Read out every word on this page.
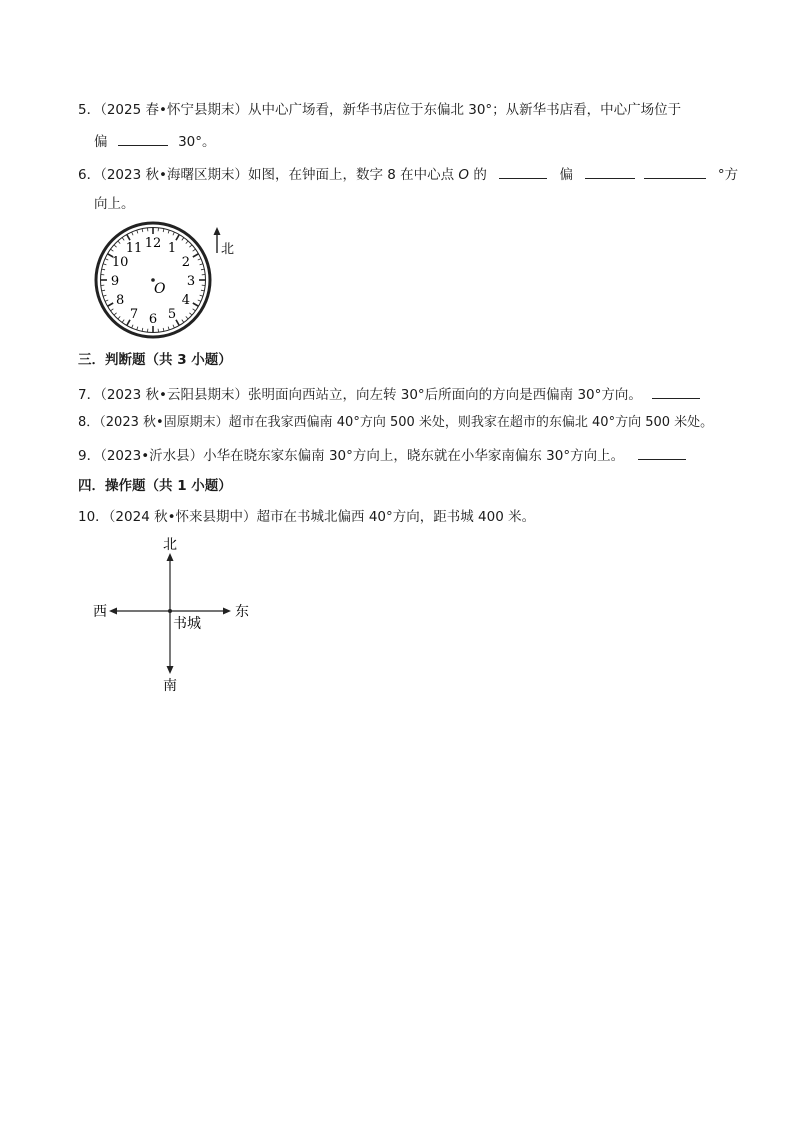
5．（2025 春•怀宁县期末）从中心广场看，新华书店位于东偏北 30°；从新华书店看，中心广场位于
偏	30°。
6．（2023 秋•海曙区期末）如图，在钟面上，数字 8 在中心点 O 的	偏	°方
向上。
12 1
2
3
4
5
6
7
8
9
10
11
O
北
三．判断题（共 3 小题）
7．（2023 秋•云阳县期末）张明面向西站立，向左转 30°后所面向的方向是西偏南 30°方向。
8．（2023 秋•固原期末）超市在我家西偏南 40°方向 500 米处，则我家在超市的东偏北 40°方向 500 米处。
9．（2023•沂水县）小华在晓东家东偏南 30°方向上，晓东就在小华家南偏东 30°方向上。
四．操作题（共 1 小题）
10．（2024 秋•怀来县期中）超市在书城北偏西 40°方向，距书城 400 米。
北
南
东
西
书城
